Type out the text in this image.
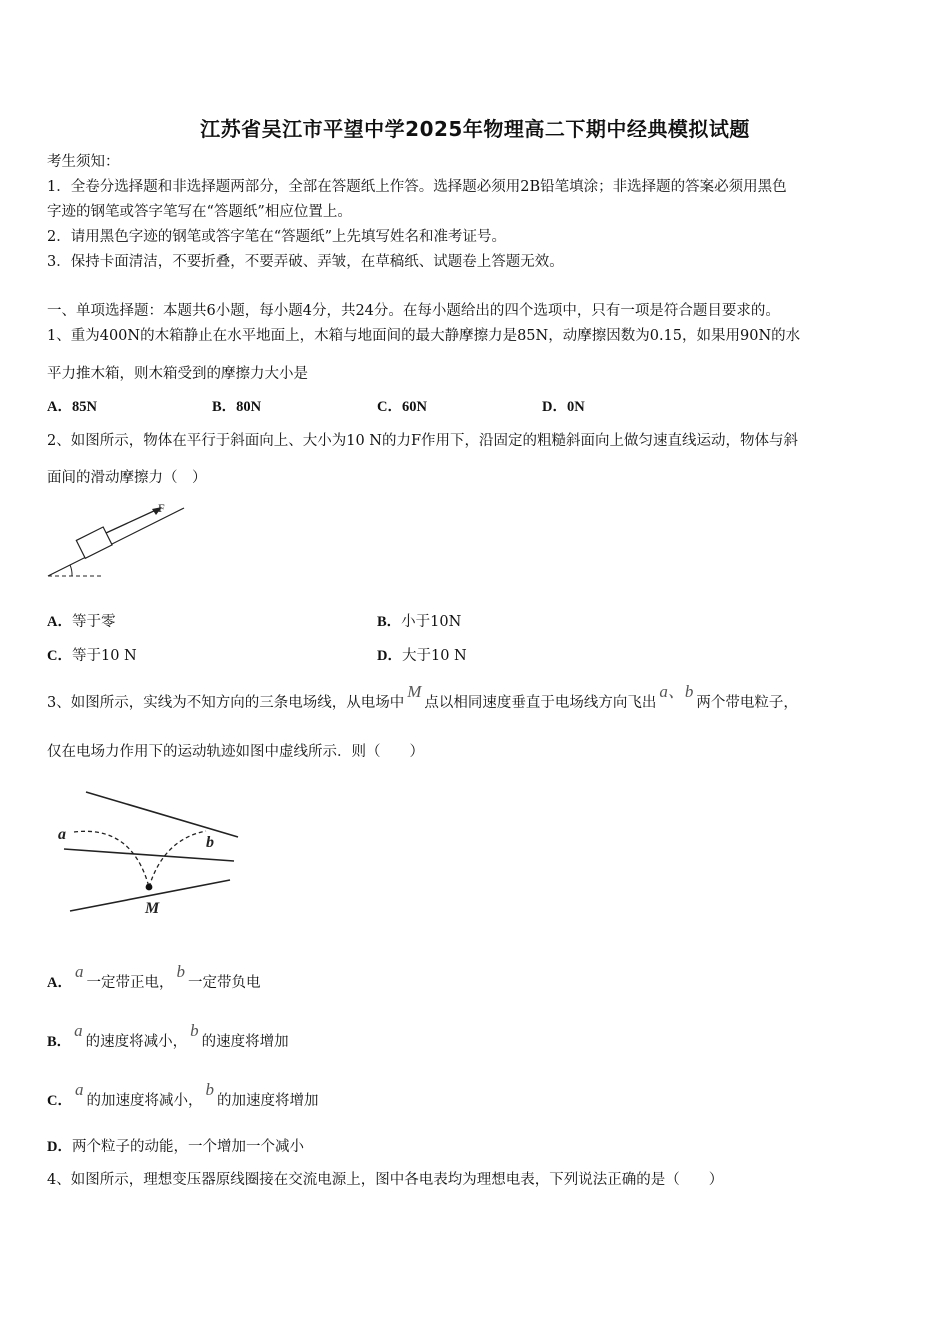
江苏省吴江市平望中学2025年物理高二下期中经典模拟试题
考生须知：
1．全卷分选择题和非选择题两部分，全部在答题纸上作答。选择题必须用2B铅笔填涂；非选择题的答案必须用黑色
字迹的钢笔或答字笔写在“答题纸”相应位置上。
2．请用黑色字迹的钢笔或答字笔在“答题纸”上先填写姓名和准考证号。
3．保持卡面清洁，不要折叠，不要弄破、弄皱，在草稿纸、试题卷上答题无效。
一、单项选择题：本题共6小题，每小题4分，共24分。在每小题给出的四个选项中，只有一项是符合题目要求的。
1、重为400N的木箱静止在水平地面上，木箱与地面间的最大静摩擦力是85N，动摩擦因数为0.15，如果用90N的水
平力推木箱，则木箱受到的摩擦力大小是
A．85N	B．80N	C．60N	D．0N
2、如图所示，物体在平行于斜面向上、大小为10 N的力F作用下，沿固定的粗糙斜面向上做匀速直线运动，物体与斜
面间的滑动摩擦力（　）
F
A．等于零	B．小于10N
C．等于10 N	D．大于10 N
3、如图所示，实线为不知方向的三条电场线，从电场中M点以相同速度垂直于电场线方向飞出a、b两个带电粒子，
仅在电场力作用下的运动轨迹如图中虚线所示．则（　　）
a	b
M
A．a一定带正电，b一定带负电
B．a的速度将减小，b的速度将增加
C．a的加速度将减小，b的加速度将增加
D．两个粒子的动能，一个增加一个减小
4、如图所示，理想变压器原线圈接在交流电源上，图中各电表均为理想电表，下列说法正确的是（　　）
